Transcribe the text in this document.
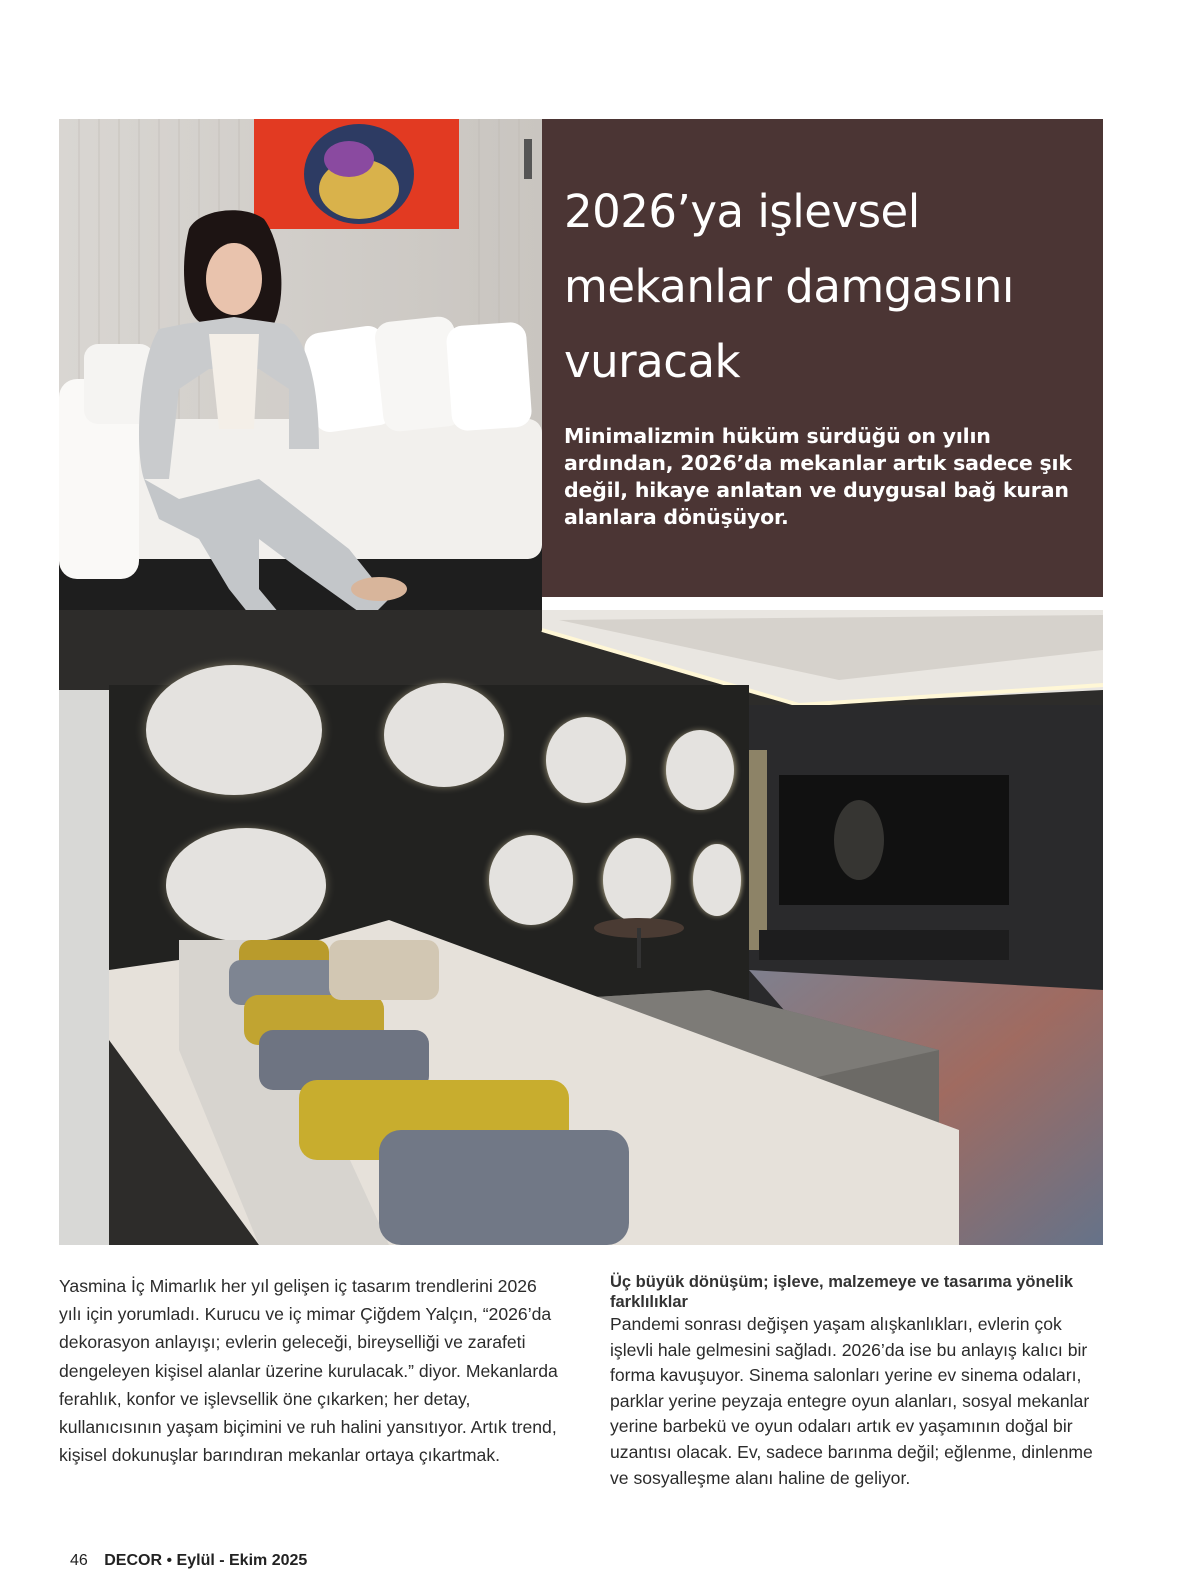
2026’ya işlevsel mekanlar damgasını vuracak

Minimalizmin hüküm sürdüğü on yılın ardından, 2026’da mekanlar artık sadece şık değil, hikaye anlatan ve duygusal bağ kuran alanlara dönüşüyor.

Yasmina İç Mimarlık her yıl gelişen iç tasarım trendlerini 2026 yılı için yorumladı. Kurucu ve iç mimar Çiğdem Yalçın, “2026’da dekorasyon anlayışı; evlerin geleceği, bireyselliği ve zarafeti dengeleyen kişisel alanlar üzerine kurulacak.” diyor. Mekanlarda ferahlık, konfor ve işlevsellik öne çıkarken; her detay, kullanıcısının yaşam biçimini ve ruh halini yansıtıyor. Artık trend, kişisel dokunuşlar barındıran mekanlar ortaya çıkartmak.

Üç büyük dönüşüm; işleve, malzemeye ve tasarıma yönelik farklılıklar

Pandemi sonrası değişen yaşam alışkanlıkları, evlerin çok işlevli hale gelmesini sağladı. 2026’da ise bu anlayış kalıcı bir forma kavuşuyor. Sinema salonları yerine ev sinema odaları, parklar yerine peyzaja entegre oyun alanları, sosyal mekanlar yerine barbekü ve oyun odaları artık ev yaşamının doğal bir uzantısı olacak. Ev, sadece barınma değil; eğlenme, dinlenme ve sosyalleşme alanı haline de geliyor.

46 DECOR • Eylül - Ekim 2025
